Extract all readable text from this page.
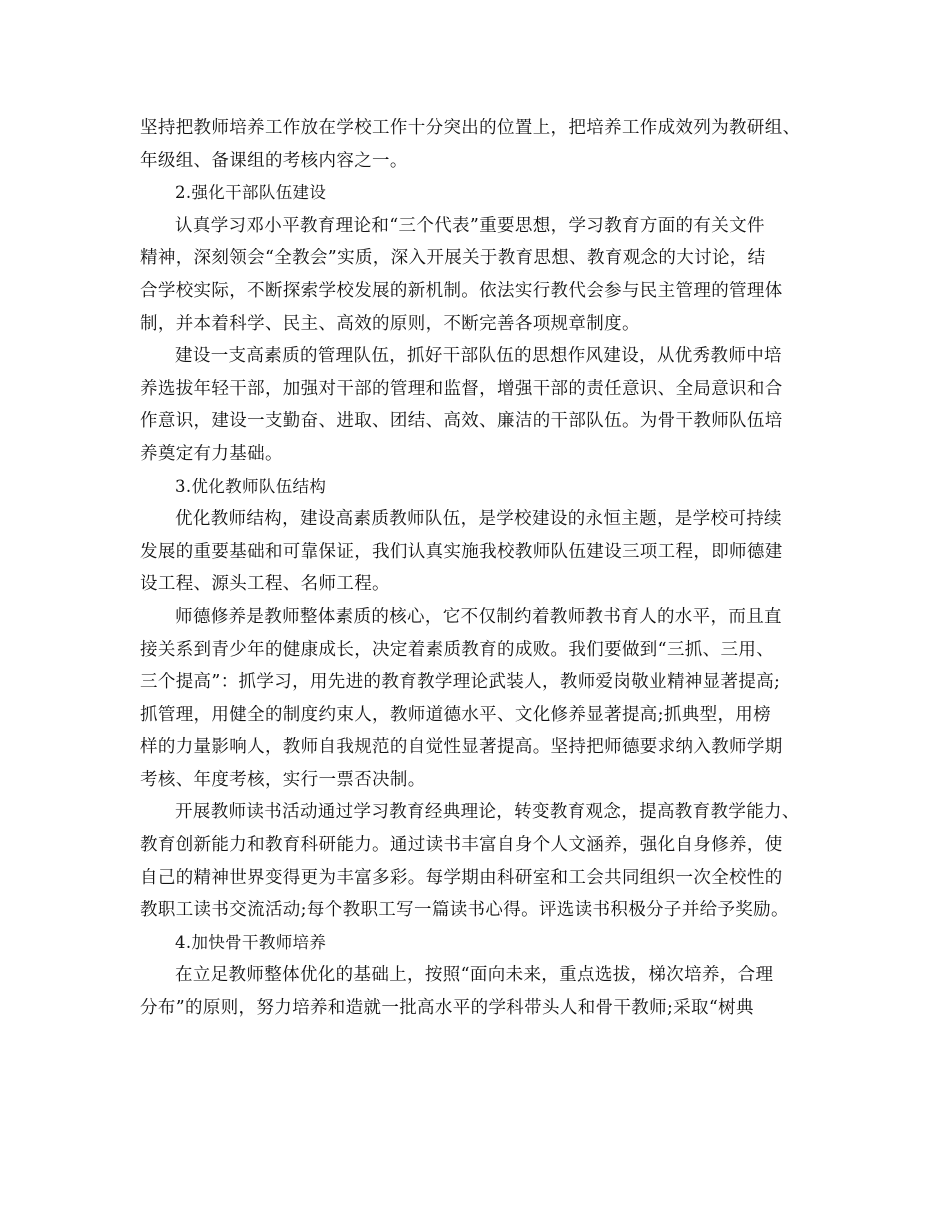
坚持把教师培养工作放在学校工作十分突出的位置上，把培养工作成效列为教研组、
年级组、备课组的考核内容之一。
2.强化干部队伍建设
认真学习邓小平教育理论和“三个代表”重要思想，学习教育方面的有关文件
精神，深刻领会“全教会”实质，深入开展关于教育思想、教育观念的大讨论，结
合学校实际，不断探索学校发展的新机制。依法实行教代会参与民主管理的管理体
制，并本着科学、民主、高效的原则，不断完善各项规章制度。
建设一支高素质的管理队伍，抓好干部队伍的思想作风建设，从优秀教师中培
养选拔年轻干部，加强对干部的管理和监督，增强干部的责任意识、全局意识和合
作意识，建设一支勤奋、进取、团结、高效、廉洁的干部队伍。为骨干教师队伍培
养奠定有力基础。
3.优化教师队伍结构
优化教师结构，建设高素质教师队伍，是学校建设的永恒主题，是学校可持续
发展的重要基础和可靠保证，我们认真实施我校教师队伍建设三项工程，即师德建
设工程、源头工程、名师工程。
师德修养是教师整体素质的核心，它不仅制约着教师教书育人的水平，而且直
接关系到青少年的健康成长，决定着素质教育的成败。我们要做到“三抓、三用、
三个提高”：抓学习，用先进的教育教学理论武装人，教师爱岗敬业精神显著提高;
抓管理，用健全的制度约束人，教师道德水平、文化修养显著提高;抓典型，用榜
样的力量影响人，教师自我规范的自觉性显著提高。坚持把师德要求纳入教师学期
考核、年度考核，实行一票否决制。
开展教师读书活动通过学习教育经典理论，转变教育观念，提高教育教学能力、
教育创新能力和教育科研能力。通过读书丰富自身个人文涵养，强化自身修养，使
自己的精神世界变得更为丰富多彩。每学期由科研室和工会共同组织一次全校性的
教职工读书交流活动;每个教职工写一篇读书心得。评选读书积极分子并给予奖励。
4.加快骨干教师培养
在立足教师整体优化的基础上，按照“面向未来，重点选拔，梯次培养，合理
分布”的原则，努力培养和造就一批高水平的学科带头人和骨干教师;采取“树典
